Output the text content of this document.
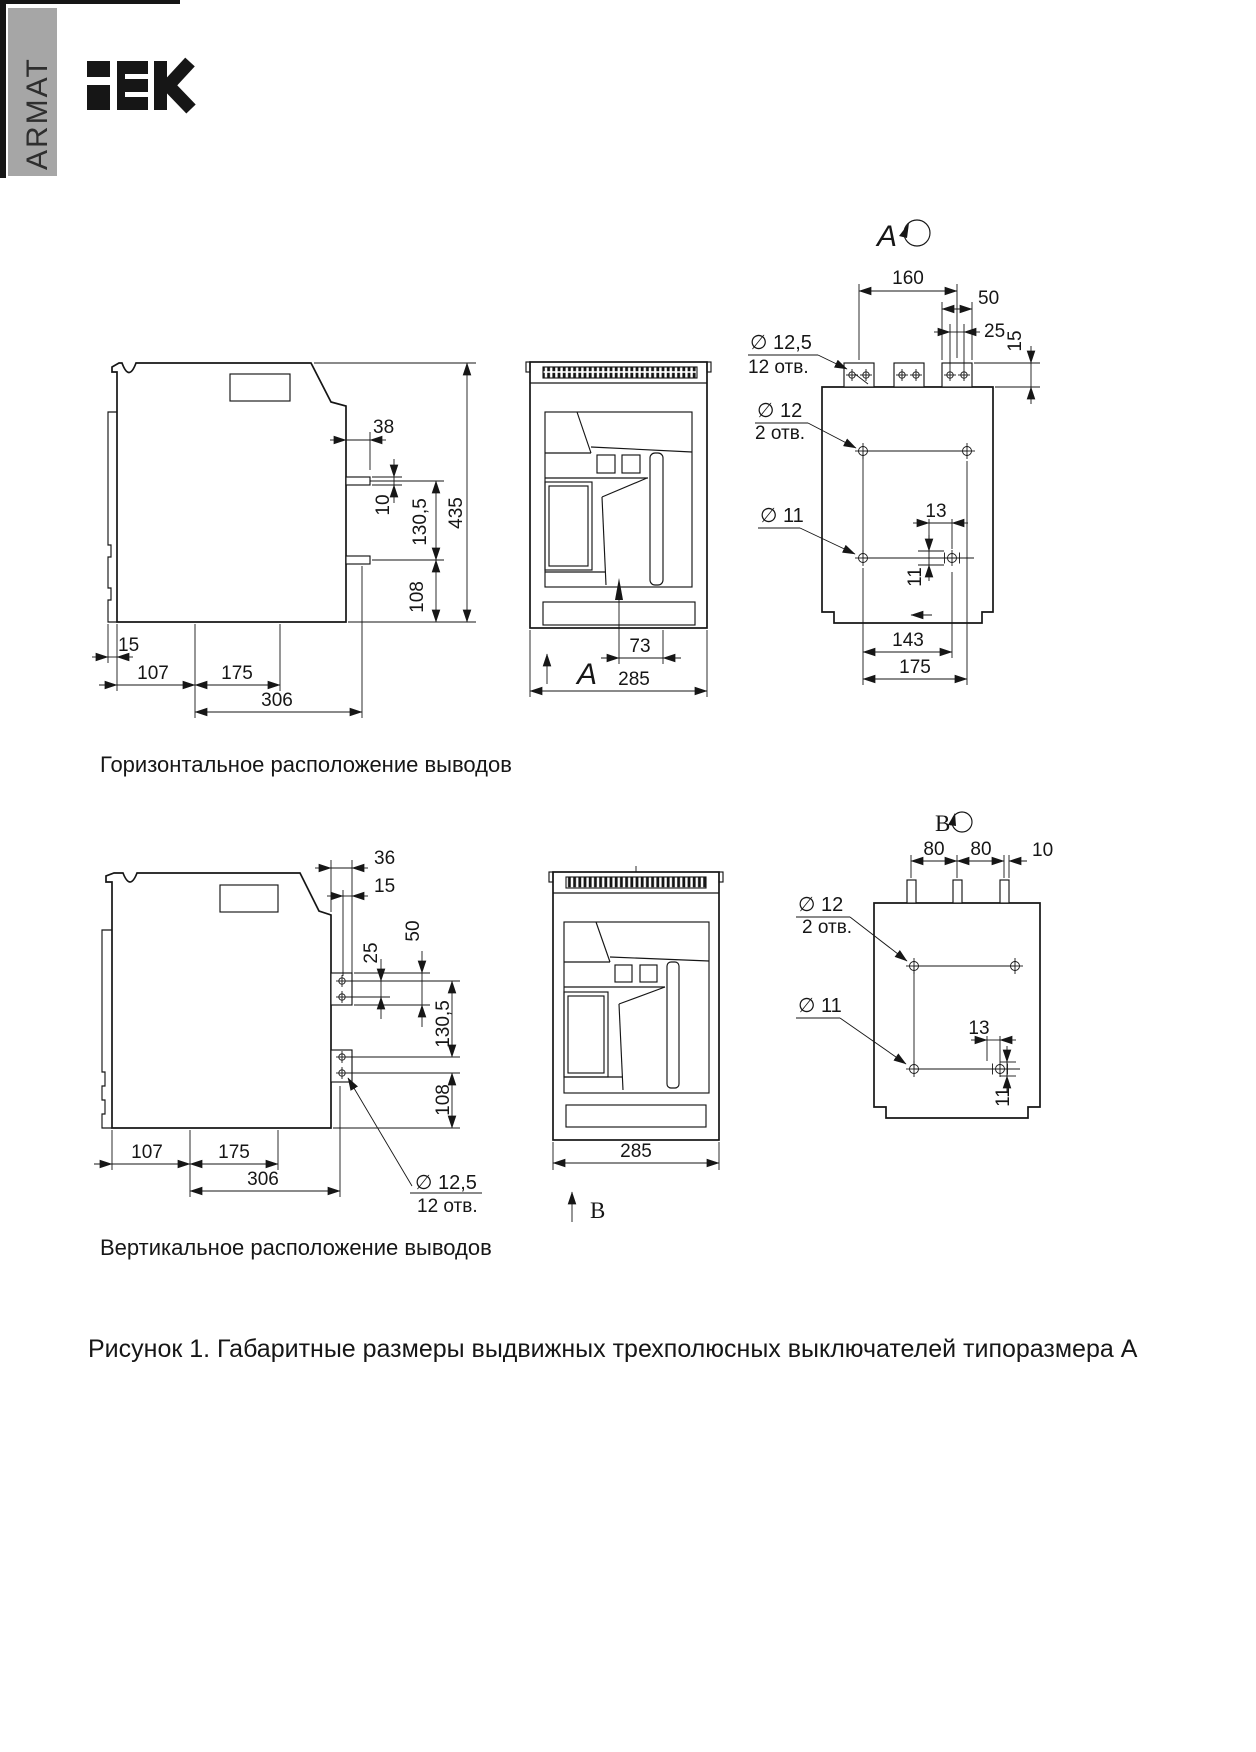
ARMAT
38
10 130,5
108
435
15
107	175
306
73
A 285
A
160
50
25 15
13
11
∅ 12,5
12 отв.
∅ 12
2 отв.
∅ 11
143
175
Горизонтальное расположение выводов
36
15
50
25
130,5
108
107	175
306	∅ 12,5
12 отв.
285
В
В
80 80 10
13
11
∅ 12
2 отв.
∅ 11
Вертикальное расположение выводов
Рисунок 1. Габаритные размеры выдвижных трехполюсных выключателей типоразмера А
